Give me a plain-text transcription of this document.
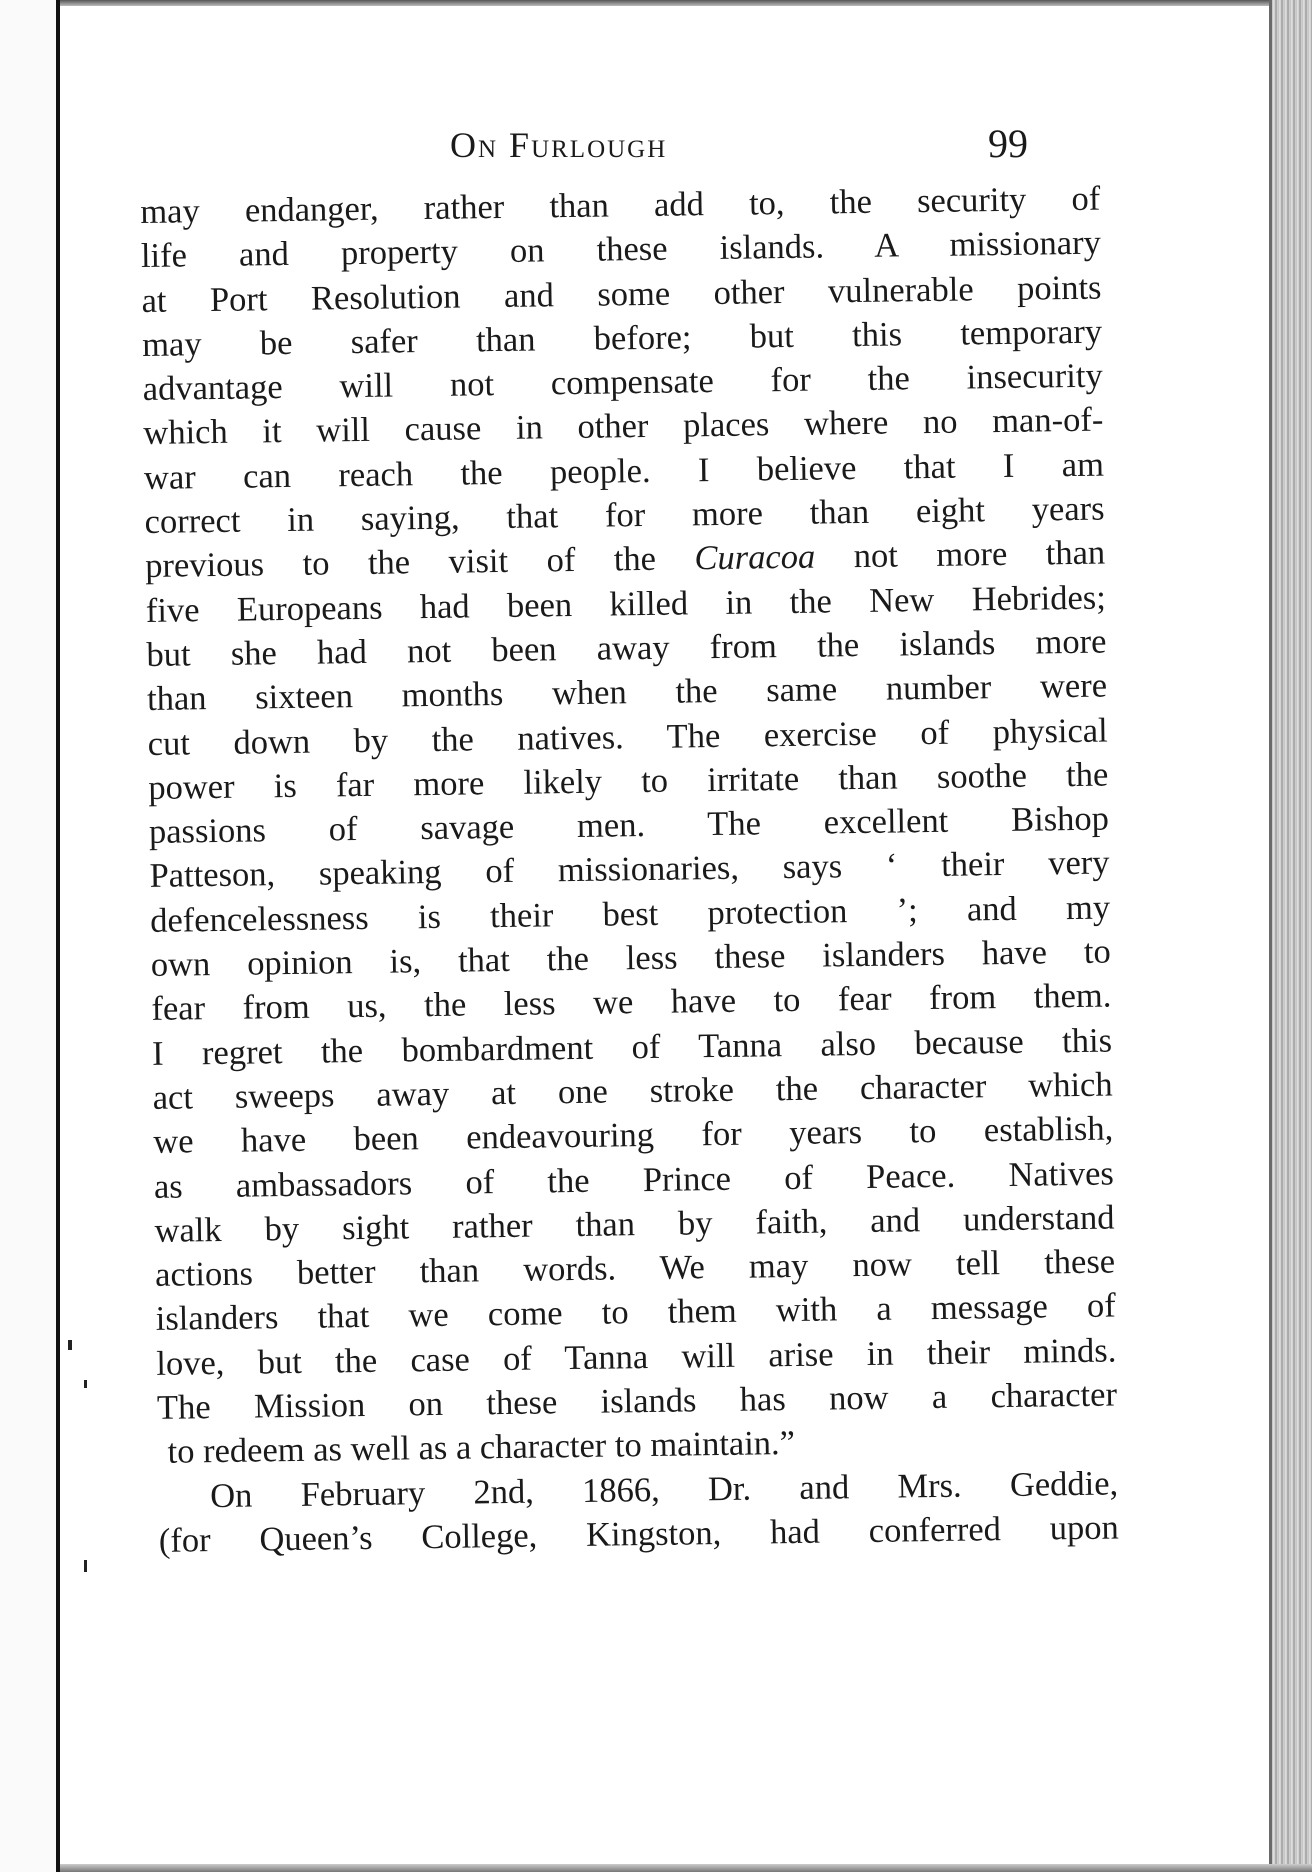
On Furlough	99
may endanger, rather than add to, the security of
life and property on these islands. A missionary
at Port Resolution and some other vulnerable points
may be safer than before; but this temporary
advantage will not compensate for the insecurity
which it will cause in other places where no man-of-
war can reach the people. I believe that I am
correct in saying, that for more than eight years
previous to the visit of the Curacoa not more than
five Europeans had been killed in the New Hebrides;
but she had not been away from the islands more
than sixteen months when the same number were
cut down by the natives. The exercise of physical
power is far more likely to irritate than soothe the
passions of savage men. The excellent Bishop
Patteson, speaking of missionaries, says ‘ their very
defencelessness is their best protection ’; and my
own opinion is, that the less these islanders have to
fear from us, the less we have to fear from them.
I regret the bombardment of Tanna also because this
act sweeps away at one stroke the character which
we have been endeavouring for years to establish,
as ambassadors of the Prince of Peace. Natives
walk by sight rather than by faith, and understand
actions better than words. We may now tell these
islanders that we come to them with a message of
love, but the case of Tanna will arise in their minds.
The Mission on these islands has now a character
to redeem as well as a character to maintain.”
On February 2nd, 1866, Dr. and Mrs. Geddie,
(for Queen’s College, Kingston, had conferred upon
